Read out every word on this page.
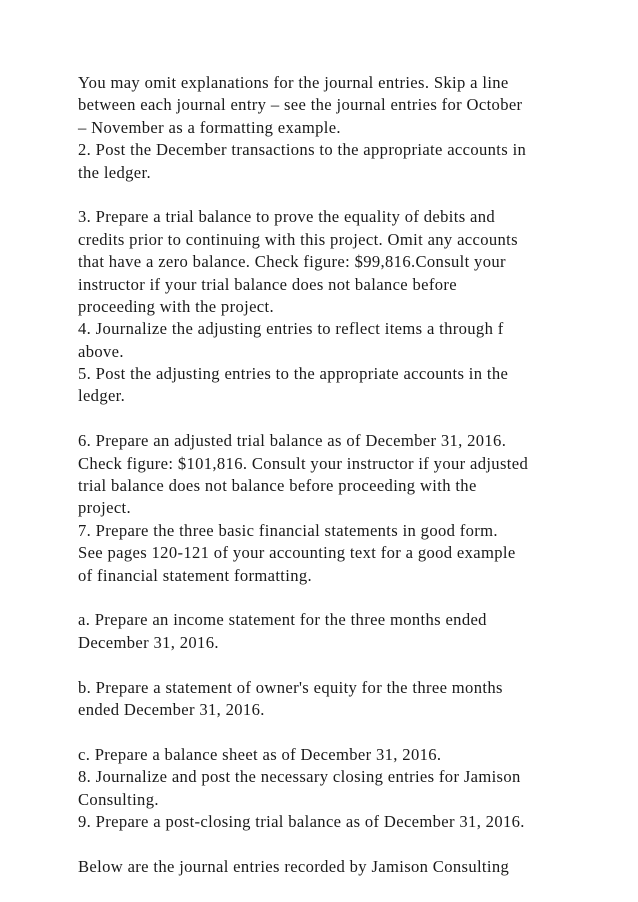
You may omit explanations for the journal entries. Skip a line
between each journal entry – see the journal entries for October
– November as a formatting example.
2. Post the December transactions to the appropriate accounts in
the ledger.
3. Prepare a trial balance to prove the equality of debits and
credits prior to continuing with this project. Omit any accounts
that have a zero balance. Check figure: $99,816.Consult your
instructor if your trial balance does not balance before
proceeding with the project.
4. Journalize the adjusting entries to reflect items a through f
above.
5. Post the adjusting entries to the appropriate accounts in the
ledger.
6. Prepare an adjusted trial balance as of December 31, 2016.
Check figure: $101,816. Consult your instructor if your adjusted
trial balance does not balance before proceeding with the
project.
7. Prepare the three basic financial statements in good form.
See pages 120-121 of your accounting text for a good example
of financial statement formatting.
a. Prepare an income statement for the three months ended
December 31, 2016.
b. Prepare a statement of owner's equity for the three months
ended December 31, 2016.
c. Prepare a balance sheet as of December 31, 2016.
8. Journalize and post the necessary closing entries for Jamison
Consulting.
9. Prepare a post-closing trial balance as of December 31, 2016.
Below are the journal entries recorded by Jamison Consulting
